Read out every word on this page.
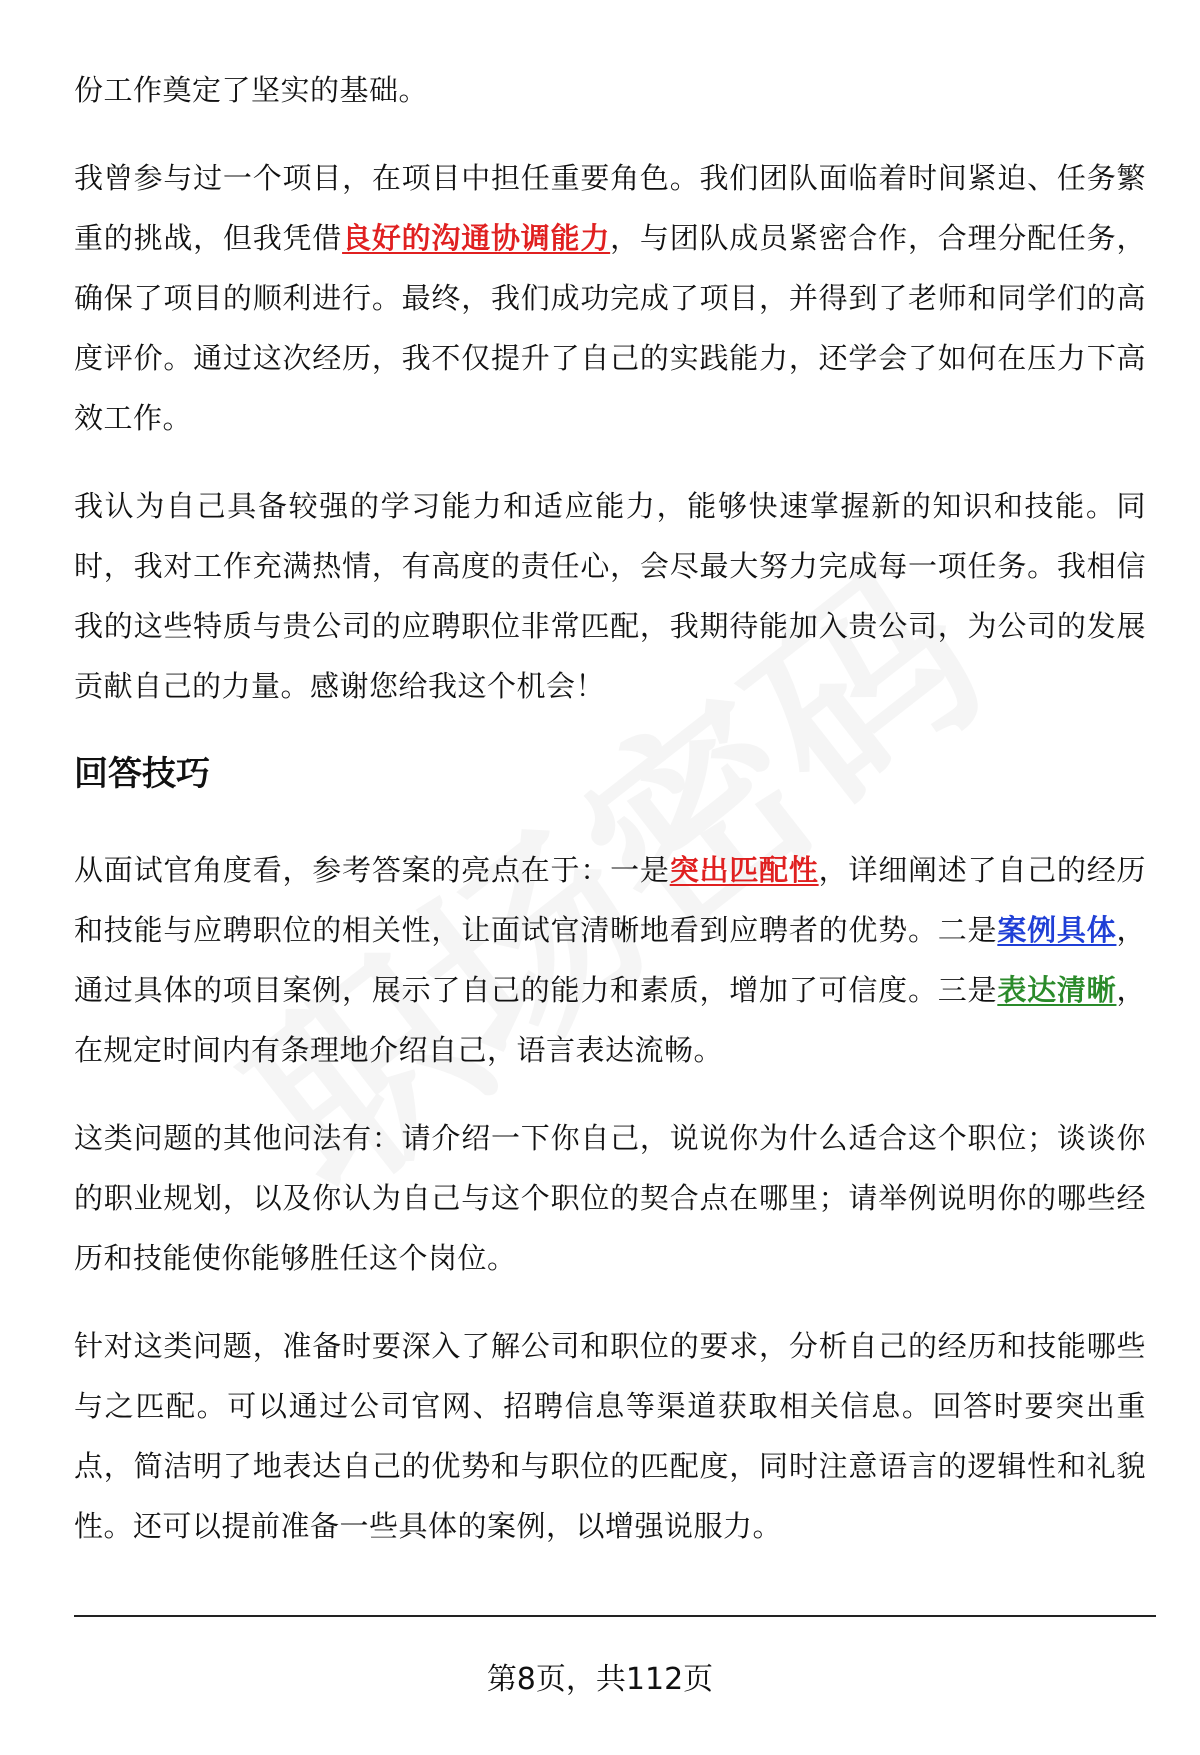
份工作奠定了坚实的基础。

我曾参与过一个项目，在项目中担任重要角色。我们团队面临着时间紧迫、任务繁重的挑战，但我凭借良好的沟通协调能力，与团队成员紧密合作，合理分配任务，确保了项目的顺利进行。最终，我们成功完成了项目，并得到了老师和同学们的高度评价。通过这次经历，我不仅提升了自己的实践能力，还学会了如何在压力下高效工作。

我认为自己具备较强的学习能力和适应能力，能够快速掌握新的知识和技能。同时，我对工作充满热情，有高度的责任心，会尽最大努力完成每一项任务。我相信我的这些特质与贵公司的应聘职位非常匹配，我期待能加入贵公司，为公司的发展贡献自己的力量。感谢您给我这个机会！

回答技巧

从面试官角度看，参考答案的亮点在于：一是突出匹配性，详细阐述了自己的经历和技能与应聘职位的相关性，让面试官清晰地看到应聘者的优势。二是案例具体，通过具体的项目案例，展示了自己的能力和素质，增加了可信度。三是表达清晰，在规定时间内有条理地介绍自己，语言表达流畅。

这类问题的其他问法有：请介绍一下你自己，说说你为什么适合这个职位；谈谈你的职业规划，以及你认为自己与这个职位的契合点在哪里；请举例说明你的哪些经历和技能使你能够胜任这个岗位。

针对这类问题，准备时要深入了解公司和职位的要求，分析自己的经历和技能哪些与之匹配。可以通过公司官网、招聘信息等渠道获取相关信息。回答时要突出重点，简洁明了地表达自己的优势和与职位的匹配度，同时注意语言的逻辑性和礼貌性。还可以提前准备一些具体的案例，以增强说服力。

第8页，共112页
